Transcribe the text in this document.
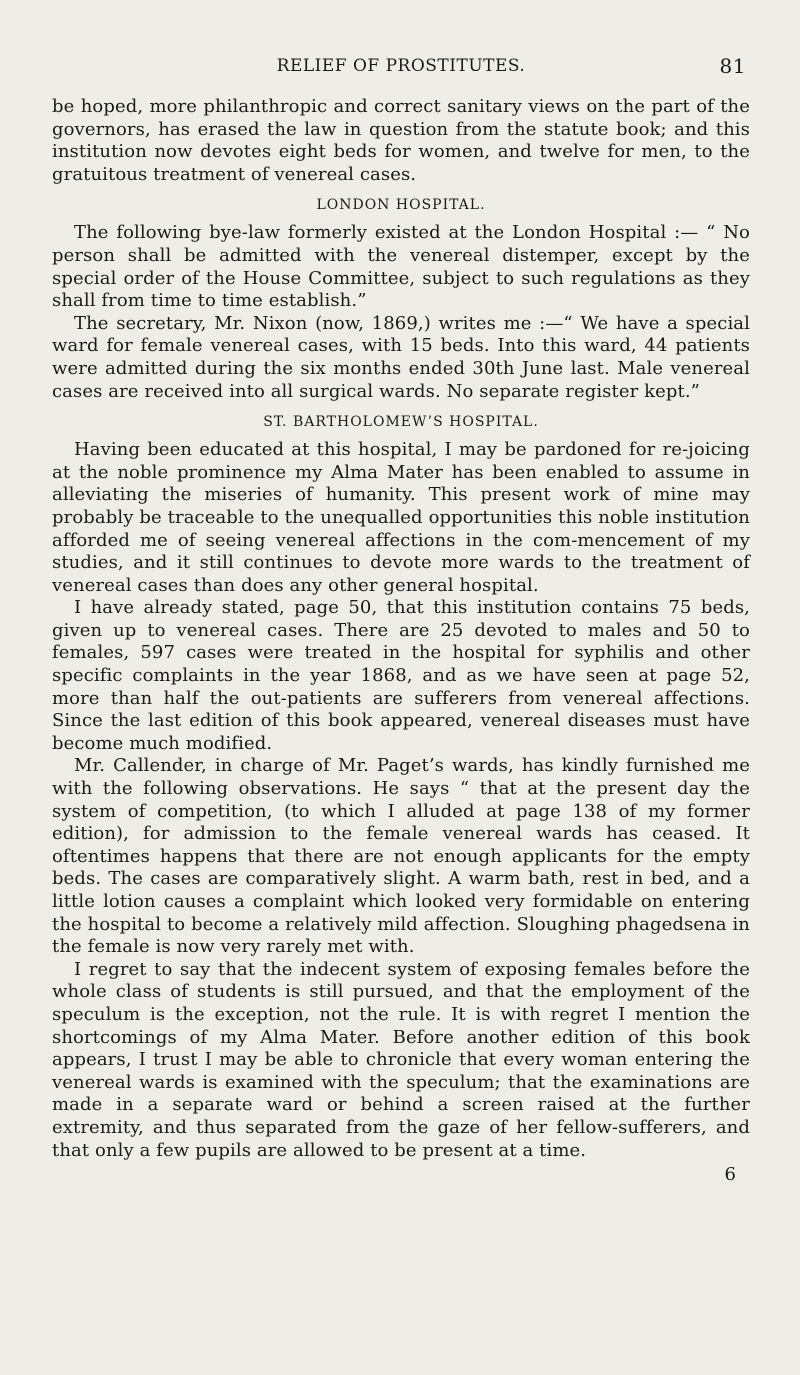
RELIEF OF PROSTITUTES.	81

be hoped, more philanthropic and correct sanitary views on the part of the governors, has erased the law in question from the statute book; and this institution now devotes eight beds for women, and twelve for men, to the gratuitous treatment of venereal cases.

LONDON HOSPITAL.

The following bye-law formerly existed at the London Hospital :— “ No person shall be admitted with the venereal distemper, except by the special order of the House Committee, subject to such regulations as they shall from time to time establish.”

The secretary, Mr. Nixon (now, 1869,) writes me :—“ We have a special ward for female venereal cases, with 15 beds. Into this ward, 44 patients were admitted during the six months ended 30th June last. Male venereal cases are received into all surgical wards. No separate register kept.”

ST. BARTHOLOMEW’S HOSPITAL.

Having been educated at this hospital, I may be pardoned for re-joicing at the noble prominence my Alma Mater has been enabled to assume in alleviating the miseries of humanity. This present work of mine may probably be traceable to the unequalled opportunities this noble institution afforded me of seeing venereal affections in the com-mencement of my studies, and it still continues to devote more wards to the treatment of venereal cases than does any other general hospital.

I have already stated, page 50, that this institution contains 75 beds, given up to venereal cases. There are 25 devoted to males and 50 to females, 597 cases were treated in the hospital for syphilis and other specific complaints in the year 1868, and as we have seen at page 52, more than half the out-patients are sufferers from venereal affections. Since the last edition of this book appeared, venereal diseases must have become much modified.

Mr. Callender, in charge of Mr. Paget’s wards, has kindly furnished me with the following observations. He says “ that at the present day the system of competition, (to which I alluded at page 138 of my former edition), for admission to the female venereal wards has ceased. It oftentimes happens that there are not enough applicants for the empty beds. The cases are comparatively slight. A warm bath, rest in bed, and a little lotion causes a complaint which looked very formidable on entering the hospital to become a relatively mild affection. Sloughing phagedsena in the female is now very rarely met with.

I regret to say that the indecent system of exposing females before the whole class of students is still pursued, and that the employment of the speculum is the exception, not the rule. It is with regret I mention the shortcomings of my Alma Mater. Before another edition of this book appears, I trust I may be able to chronicle that every woman entering the venereal wards is examined with the speculum; that the examinations are made in a separate ward or behind a screen raised at the further extremity, and thus separated from the gaze of her fellow-sufferers, and that only a few pupils are allowed to be present at a time.

6
